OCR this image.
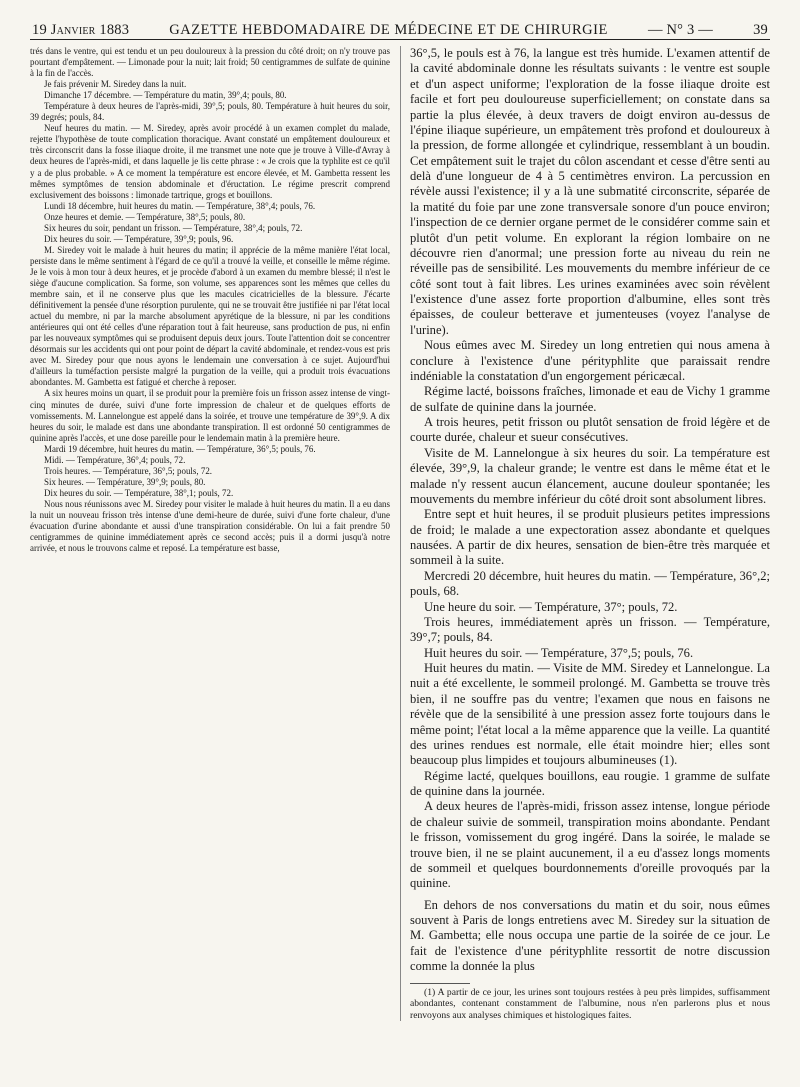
19 Janvier 1883	GAZETTE HEBDOMADAIRE DE MÉDECINE ET DE CHIRURGIE	— N° 3 —	39

trés dans le ventre, qui est tendu et un peu douloureux à la pression du côté droit; on n'y trouve pas pourtant d'empâtement. — Limonade pour la nuit; lait froid; 50 centigrammes de sulfate de quinine à la fin de l'accès.

Je fais prévenir M. Siredey dans la nuit.

Dimanche 17 décembre. — Température du matin, 39°,4; pouls, 80.

Température à deux heures de l'après-midi, 39°,5; pouls, 80. Température à huit heures du soir, 39 degrés; pouls, 84.

Neuf heures du matin. — M. Siredey, après avoir procédé à un examen complet du malade, rejette l'hypothèse de toute complication thoracique. Avant constaté un empâtement douloureux et très circonscrit dans la fosse iliaque droite, il me transmet une note que je trouve à Ville-d'Avray à deux heures de l'après-midi, et dans laquelle je lis cette phrase : « Je crois que la typhlite est ce qu'il y a de plus probable. » A ce moment la température est encore élevée, et M. Gambetta ressent les mêmes symptômes de tension abdominale et d'éructation. Le régime prescrit comprend exclusivement des boissons : limonade tartrique, grogs et bouillons.

Lundi 18 décembre, huit heures du matin. — Température, 38°,4; pouls, 76.

Onze heures et demie. — Température, 38°,5; pouls, 80.

Six heures du soir, pendant un frisson. — Température, 38°,4; pouls, 72.

Dix heures du soir. — Température, 39°,9; pouls, 96.

M. Siredey voit le malade à huit heures du matin; il apprécie de la même manière l'état local, persiste dans le même sentiment à l'égard de ce qu'il a trouvé la veille, et conseille le même régime. Je le vois à mon tour à deux heures, et je procède d'abord à un examen du membre blessé; il n'est le siège d'aucune complication. Sa forme, son volume, ses apparences sont les mêmes que celles du membre sain, et il ne conserve plus que les macules cicatricielles de la blessure. J'écarte définitivement la pensée d'une résorption purulente, qui ne se trouvait être justifiée ni par l'état local actuel du membre, ni par la marche absolument apyrétique de la blessure, ni par les conditions antérieures qui ont été celles d'une réparation tout à fait heureuse, sans production de pus, ni enfin par les nouveaux symptômes qui se produisent depuis deux jours. Toute l'attention doit se concentrer désormais sur les accidents qui ont pour point de départ la cavité abdominale, et rendez-vous est pris avec M. Siredey pour que nous ayons le lendemain une conversation à ce sujet. Aujourd'hui d'ailleurs la tuméfaction persiste malgré la purgation de la veille, qui a produit trois évacuations abondantes. M. Gambetta est fatigué et cherche à reposer.

A six heures moins un quart, il se produit pour la première fois un frisson assez intense de vingt-cinq minutes de durée, suivi d'une forte impression de chaleur et de quelques efforts de vomissements. M. Lannelongue est appelé dans la soirée, et trouve une température de 39°,9. A dix heures du soir, le malade est dans une abondante transpiration. Il est ordonné 50 centigrammes de quinine après l'accès, et une dose pareille pour le lendemain matin à la première heure.

Mardi 19 décembre, huit heures du matin. — Température, 36°,5; pouls, 76.

Midi. — Température, 36°,4; pouls, 72.

Trois heures. — Température, 36°,5; pouls, 72.

Six heures. — Température, 39°,9; pouls, 80.

Dix heures du soir. — Température, 38°,1; pouls, 72.

Nous nous réunissons avec M. Siredey pour visiter le malade à huit heures du matin. Il a eu dans la nuit un nouveau frisson très intense d'une demi-heure de durée, suivi d'une forte chaleur, d'une évacuation d'urine abondante et aussi d'une transpiration considérable. On lui a fait prendre 50 centigrammes de quinine immédiatement après ce second accès; puis il a dormi jusqu'à notre arrivée, et nous le trouvons calme et reposé. La température est basse,

36°,5, le pouls est à 76, la langue est très humide. L'examen attentif de la cavité abdominale donne les résultats suivants : le ventre est souple et d'un aspect uniforme; l'exploration de la fosse iliaque droite est facile et fort peu douloureuse superficiellement; on constate dans sa partie la plus élevée, à deux travers de doigt environ au-dessus de l'épine iliaque supérieure, un empâtement très profond et douloureux à la pression, de forme allongée et cylindrique, ressemblant à un boudin. Cet empâtement suit le trajet du côlon ascendant et cesse d'être senti au delà d'une longueur de 4 à 5 centimètres environ. La percussion en révèle aussi l'existence; il y a là une submatité circonscrite, séparée de la matité du foie par une zone transversale sonore d'un pouce environ; l'inspection de ce dernier organe permet de le considérer comme sain et plutôt d'un petit volume. En explorant la région lombaire on ne découvre rien d'anormal; une pression forte au niveau du rein ne réveille pas de sensibilité. Les mouvements du membre inférieur de ce côté sont tout à fait libres. Les urines examinées avec soin révèlent l'existence d'une assez forte proportion d'albumine, elles sont très épaisses, de couleur betterave et jumenteuses (voyez l'analyse de l'urine).

Nous eûmes avec M. Siredey un long entretien qui nous amena à conclure à l'existence d'une pérityphlite que paraissait rendre indéniable la constatation d'un engorgement péricæcal.

Régime lacté, boissons fraîches, limonade et eau de Vichy 1 gramme de sulfate de quinine dans la journée.

A trois heures, petit frisson ou plutôt sensation de froid légère et de courte durée, chaleur et sueur consécutives.

Visite de M. Lannelongue à six heures du soir. La température est élevée, 39°,9, la chaleur grande; le ventre est dans le même état et le malade n'y ressent aucun élancement, aucune douleur spontanée; les mouvements du membre inférieur du côté droit sont absolument libres.

Entre sept et huit heures, il se produit plusieurs petites impressions de froid; le malade a une expectoration assez abondante et quelques nausées. A partir de dix heures, sensation de bien-être très marquée et sommeil à la suite.

Mercredi 20 décembre, huit heures du matin. — Température, 36°,2; pouls, 68.

Une heure du soir. — Température, 37°; pouls, 72.

Trois heures, immédiatement après un frisson. — Température, 39°,7; pouls, 84.

Huit heures du soir. — Température, 37°,5; pouls, 76.

Huit heures du matin. — Visite de MM. Siredey et Lannelongue. La nuit a été excellente, le sommeil prolongé. M. Gambetta se trouve très bien, il ne souffre pas du ventre; l'examen que nous en faisons ne révèle que de la sensibilité à une pression assez forte toujours dans le même point; l'état local a la même apparence que la veille. La quantité des urines rendues est normale, elle était moindre hier; elles sont beaucoup plus limpides et toujours albumineuses (1).

Régime lacté, quelques bouillons, eau rougie. 1 gramme de sulfate de quinine dans la journée.

A deux heures de l'après-midi, frisson assez intense, longue période de chaleur suivie de sommeil, transpiration moins abondante. Pendant le frisson, vomissement du grog ingéré. Dans la soirée, le malade se trouve bien, il ne se plaint aucunement, il a eu d'assez longs moments de sommeil et quelques bourdonnements d'oreille provoqués par la quinine.

En dehors de nos conversations du matin et du soir, nous eûmes souvent à Paris de longs entretiens avec M. Siredey sur la situation de M. Gambetta; elle nous occupa une partie de la soirée de ce jour. Le fait de l'existence d'une pérityphlite ressortit de notre discussion comme la donnée la plus

(1) A partir de ce jour, les urines sont toujours restées à peu près limpides, suffisamment abondantes, contenant constamment de l'albumine, nous n'en parlerons plus et nous renvoyons aux analyses chimiques et histologiques faites.
